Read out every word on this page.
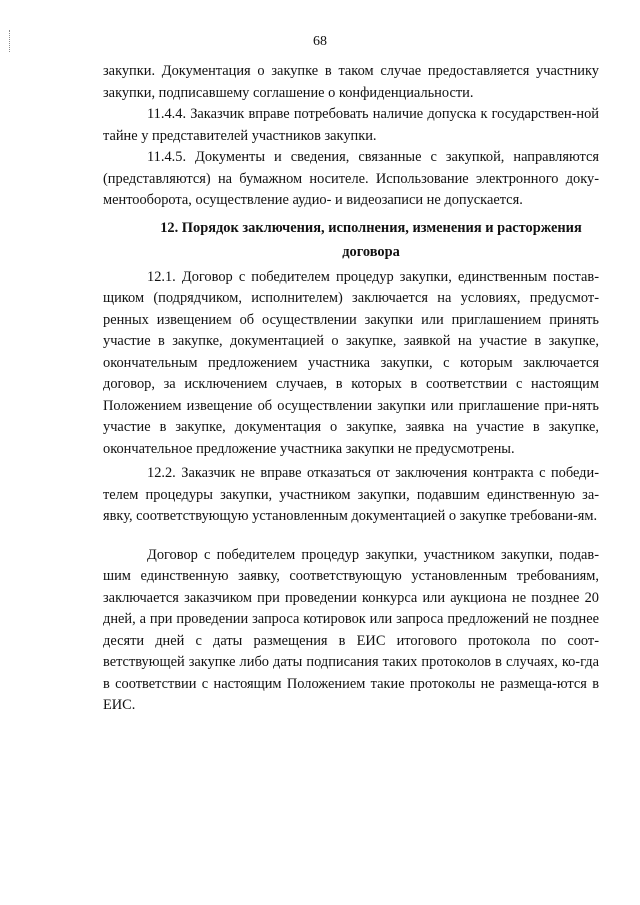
68

закупки. Документация о закупке в таком случае предоставляется участнику закупки, подписавшему соглашение о конфиденциальности.

11.4.4. Заказчик вправе потребовать наличие допуска к государствен-ной тайне у представителей участников закупки.

11.4.5. Документы и сведения, связанные с закупкой, направляются (представляются) на бумажном носителе. Использование электронного доку-ментооборота, осуществление аудио- и видеозаписи не допускается.

12. Порядок заключения, исполнения, изменения и расторжения
договора

12.1. Договор с победителем процедур закупки, единственным постав-щиком (подрядчиком, исполнителем) заключается на условиях, предусмот-ренных извещением об осуществлении закупки или приглашением принять участие в закупке, документацией о закупке, заявкой на участие в закупке, окончательным предложением участника закупки, с которым заключается договор, за исключением случаев, в которых в соответствии с настоящим Положением извещение об осуществлении закупки или приглашение при-нять участие в закупке, документация о закупке, заявка на участие в закупке, окончательное предложение участника закупки не предусмотрены.

12.2. Заказчик не вправе отказаться от заключения контракта с победи-телем процедуры закупки, участником закупки, подавшим единственную за-явку, соответствующую установленным документацией о закупке требовани-ям.

Договор с победителем процедур закупки, участником закупки, подав-шим единственную заявку, соответствующую установленным требованиям, заключается заказчиком при проведении конкурса или аукциона не позднее 20 дней, а при проведении запроса котировок или запроса предложений не позднее десяти дней с даты размещения в ЕИС итогового протокола по соот-ветствующей закупке либо даты подписания таких протоколов в случаях, ко-гда в соответствии с настоящим Положением такие протоколы не размеща-ются в ЕИС.
